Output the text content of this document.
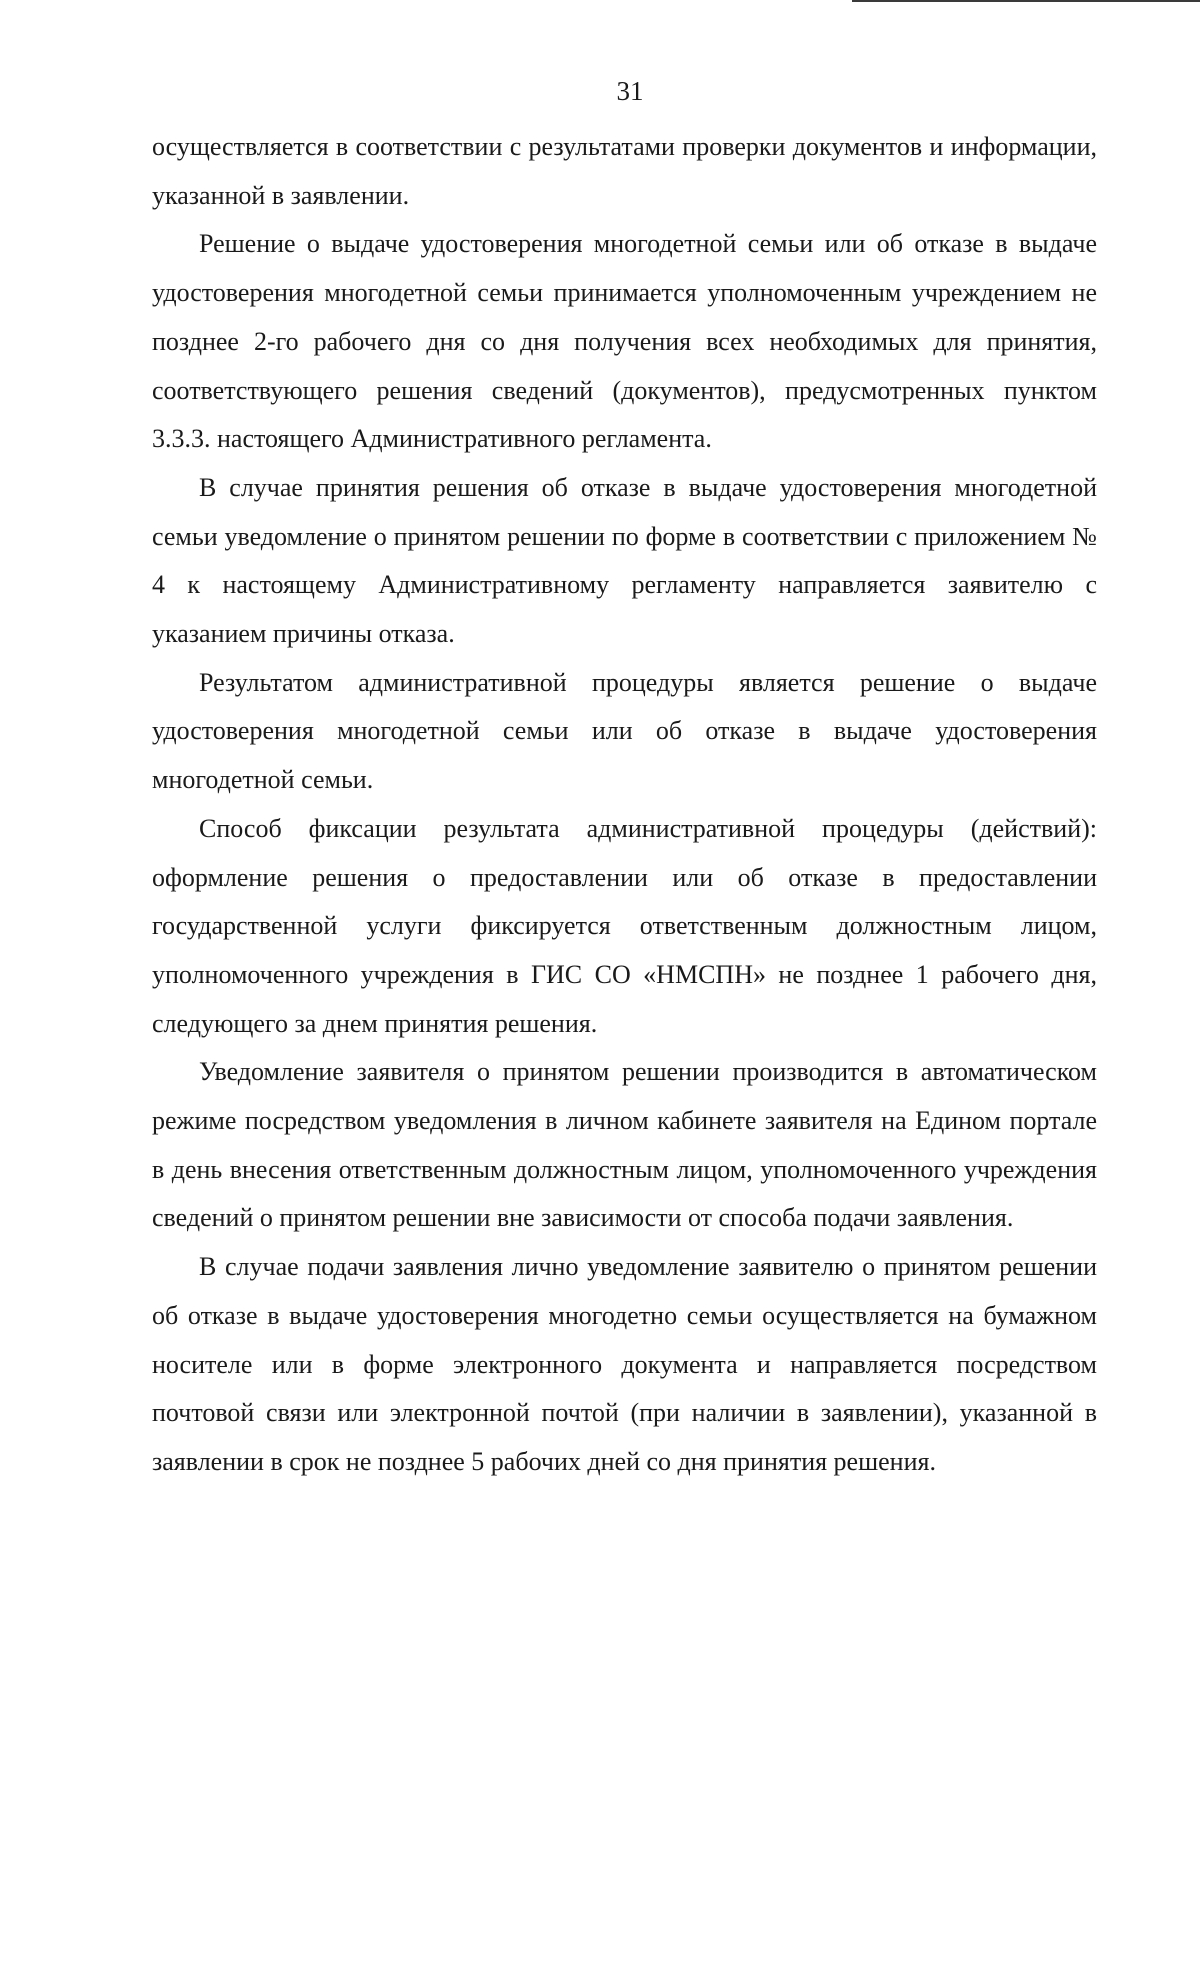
31

осуществляется в соответствии с результатами проверки документов и информации, указанной в заявлении.

Решение о выдаче удостоверения многодетной семьи или об отказе в выдаче удостоверения многодетной семьи принимается уполномоченным учреждением не позднее 2-го рабочего дня со дня получения всех необходимых для принятия, соответствующего решения сведений (документов), предусмотренных пунктом 3.3.3. настоящего Административного регламента.

В случае принятия решения об отказе в выдаче удостоверения многодетной семьи уведомление о принятом решении по форме в соответствии с приложением № 4 к настоящему Административному регламенту направляется заявителю с указанием причины отказа.

Результатом административной процедуры является решение о выдаче удостоверения многодетной семьи или об отказе в выдаче удостоверения многодетной семьи.

Способ фиксации результата административной процедуры (действий): оформление решения о предоставлении или об отказе в предоставлении государственной услуги фиксируется ответственным должностным лицом, уполномоченного учреждения в ГИС СО «НМСПН» не позднее 1 рабочего дня, следующего за днем принятия решения.

Уведомление заявителя о принятом решении производится в автоматическом режиме посредством уведомления в личном кабинете заявителя на Едином портале в день внесения ответственным должностным лицом, уполномоченного учреждения сведений о принятом решении вне зависимости от способа подачи заявления.

В случае подачи заявления лично уведомление заявителю о принятом решении об отказе в выдаче удостоверения многодетно семьи осуществляется на бумажном носителе или в форме электронного документа и направляется посредством почтовой связи или электронной почтой (при наличии в заявлении), указанной в заявлении в срок не позднее 5 рабочих дней со дня принятия решения.
